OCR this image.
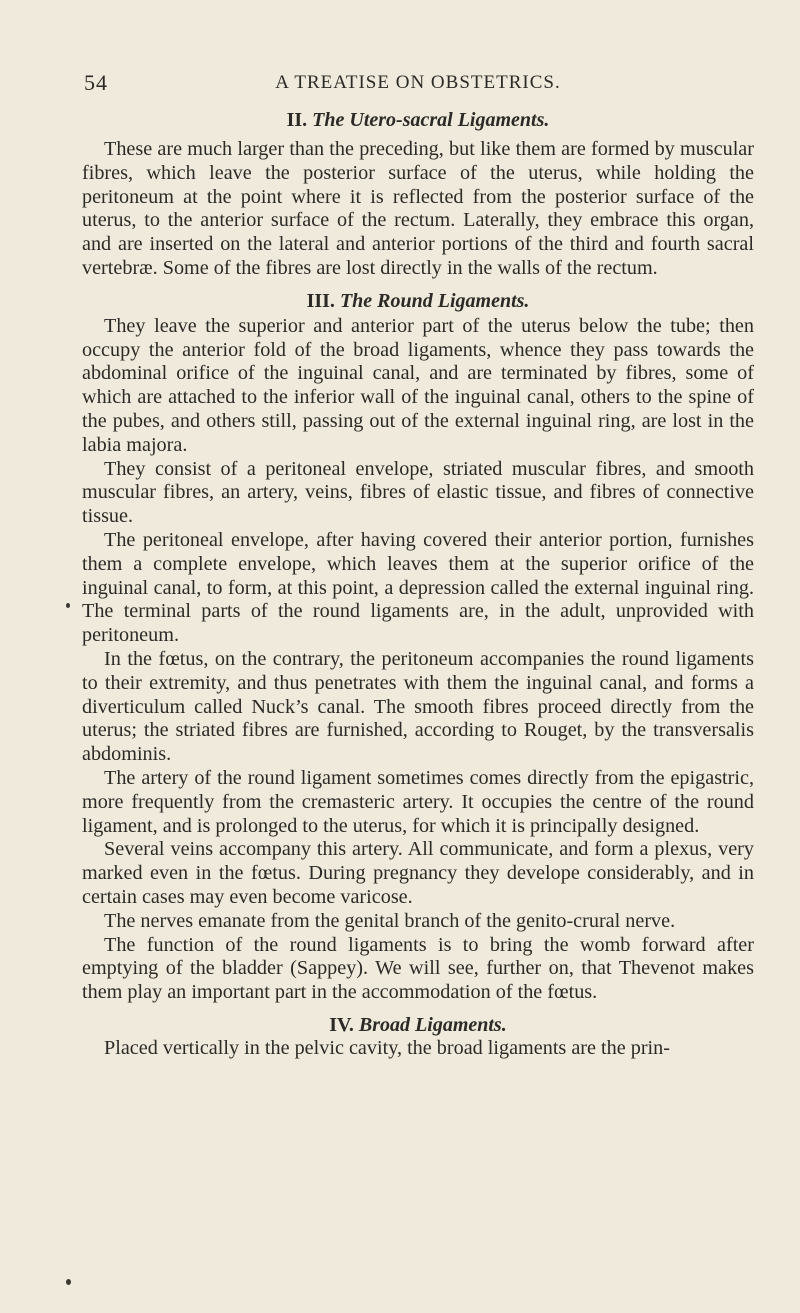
54	A TREATISE ON OBSTETRICS.
II. The Utero-sacral Ligaments.

These are much larger than the preceding, but like them are formed by muscular fibres, which leave the posterior surface of the uterus, while holding the peritoneum at the point where it is reflected from the posterior surface of the uterus, to the anterior surface of the rectum. Laterally, they embrace this organ, and are inserted on the lateral and anterior portions of the third and fourth sacral vertebræ. Some of the fibres are lost directly in the walls of the rectum.

III. The Round Ligaments.

They leave the superior and anterior part of the uterus below the tube; then occupy the anterior fold of the broad ligaments, whence they pass towards the abdominal orifice of the inguinal canal, and are terminated by fibres, some of which are attached to the inferior wall of the inguinal canal, others to the spine of the pubes, and others still, passing out of the external inguinal ring, are lost in the labia majora.

They consist of a peritoneal envelope, striated muscular fibres, and smooth muscular fibres, an artery, veins, fibres of elastic tissue, and fibres of connective tissue.

The peritoneal envelope, after having covered their anterior portion, furnishes them a complete envelope, which leaves them at the superior orifice of the inguinal canal, to form, at this point, a depression called the external inguinal ring. The terminal parts of the round ligaments are, in the adult, unprovided with peritoneum.

In the fœtus, on the contrary, the peritoneum accompanies the round ligaments to their extremity, and thus penetrates with them the inguinal canal, and forms a diverticulum called Nuck’s canal. The smooth fibres proceed directly from the uterus; the striated fibres are furnished, according to Rouget, by the transversalis abdominis.

The artery of the round ligament sometimes comes directly from the epigastric, more frequently from the cremasteric artery. It occupies the centre of the round ligament, and is prolonged to the uterus, for which it is principally designed.

Several veins accompany this artery. All communicate, and form a plexus, very marked even in the fœtus. During pregnancy they develope considerably, and in certain cases may even become varicose.

The nerves emanate from the genital branch of the genito-crural nerve.

The function of the round ligaments is to bring the womb forward after emptying of the bladder (Sappey). We will see, further on, that Thevenot makes them play an important part in the accommodation of the fœtus.

IV. Broad Ligaments.

Placed vertically in the pelvic cavity, the broad ligaments are the prin-
